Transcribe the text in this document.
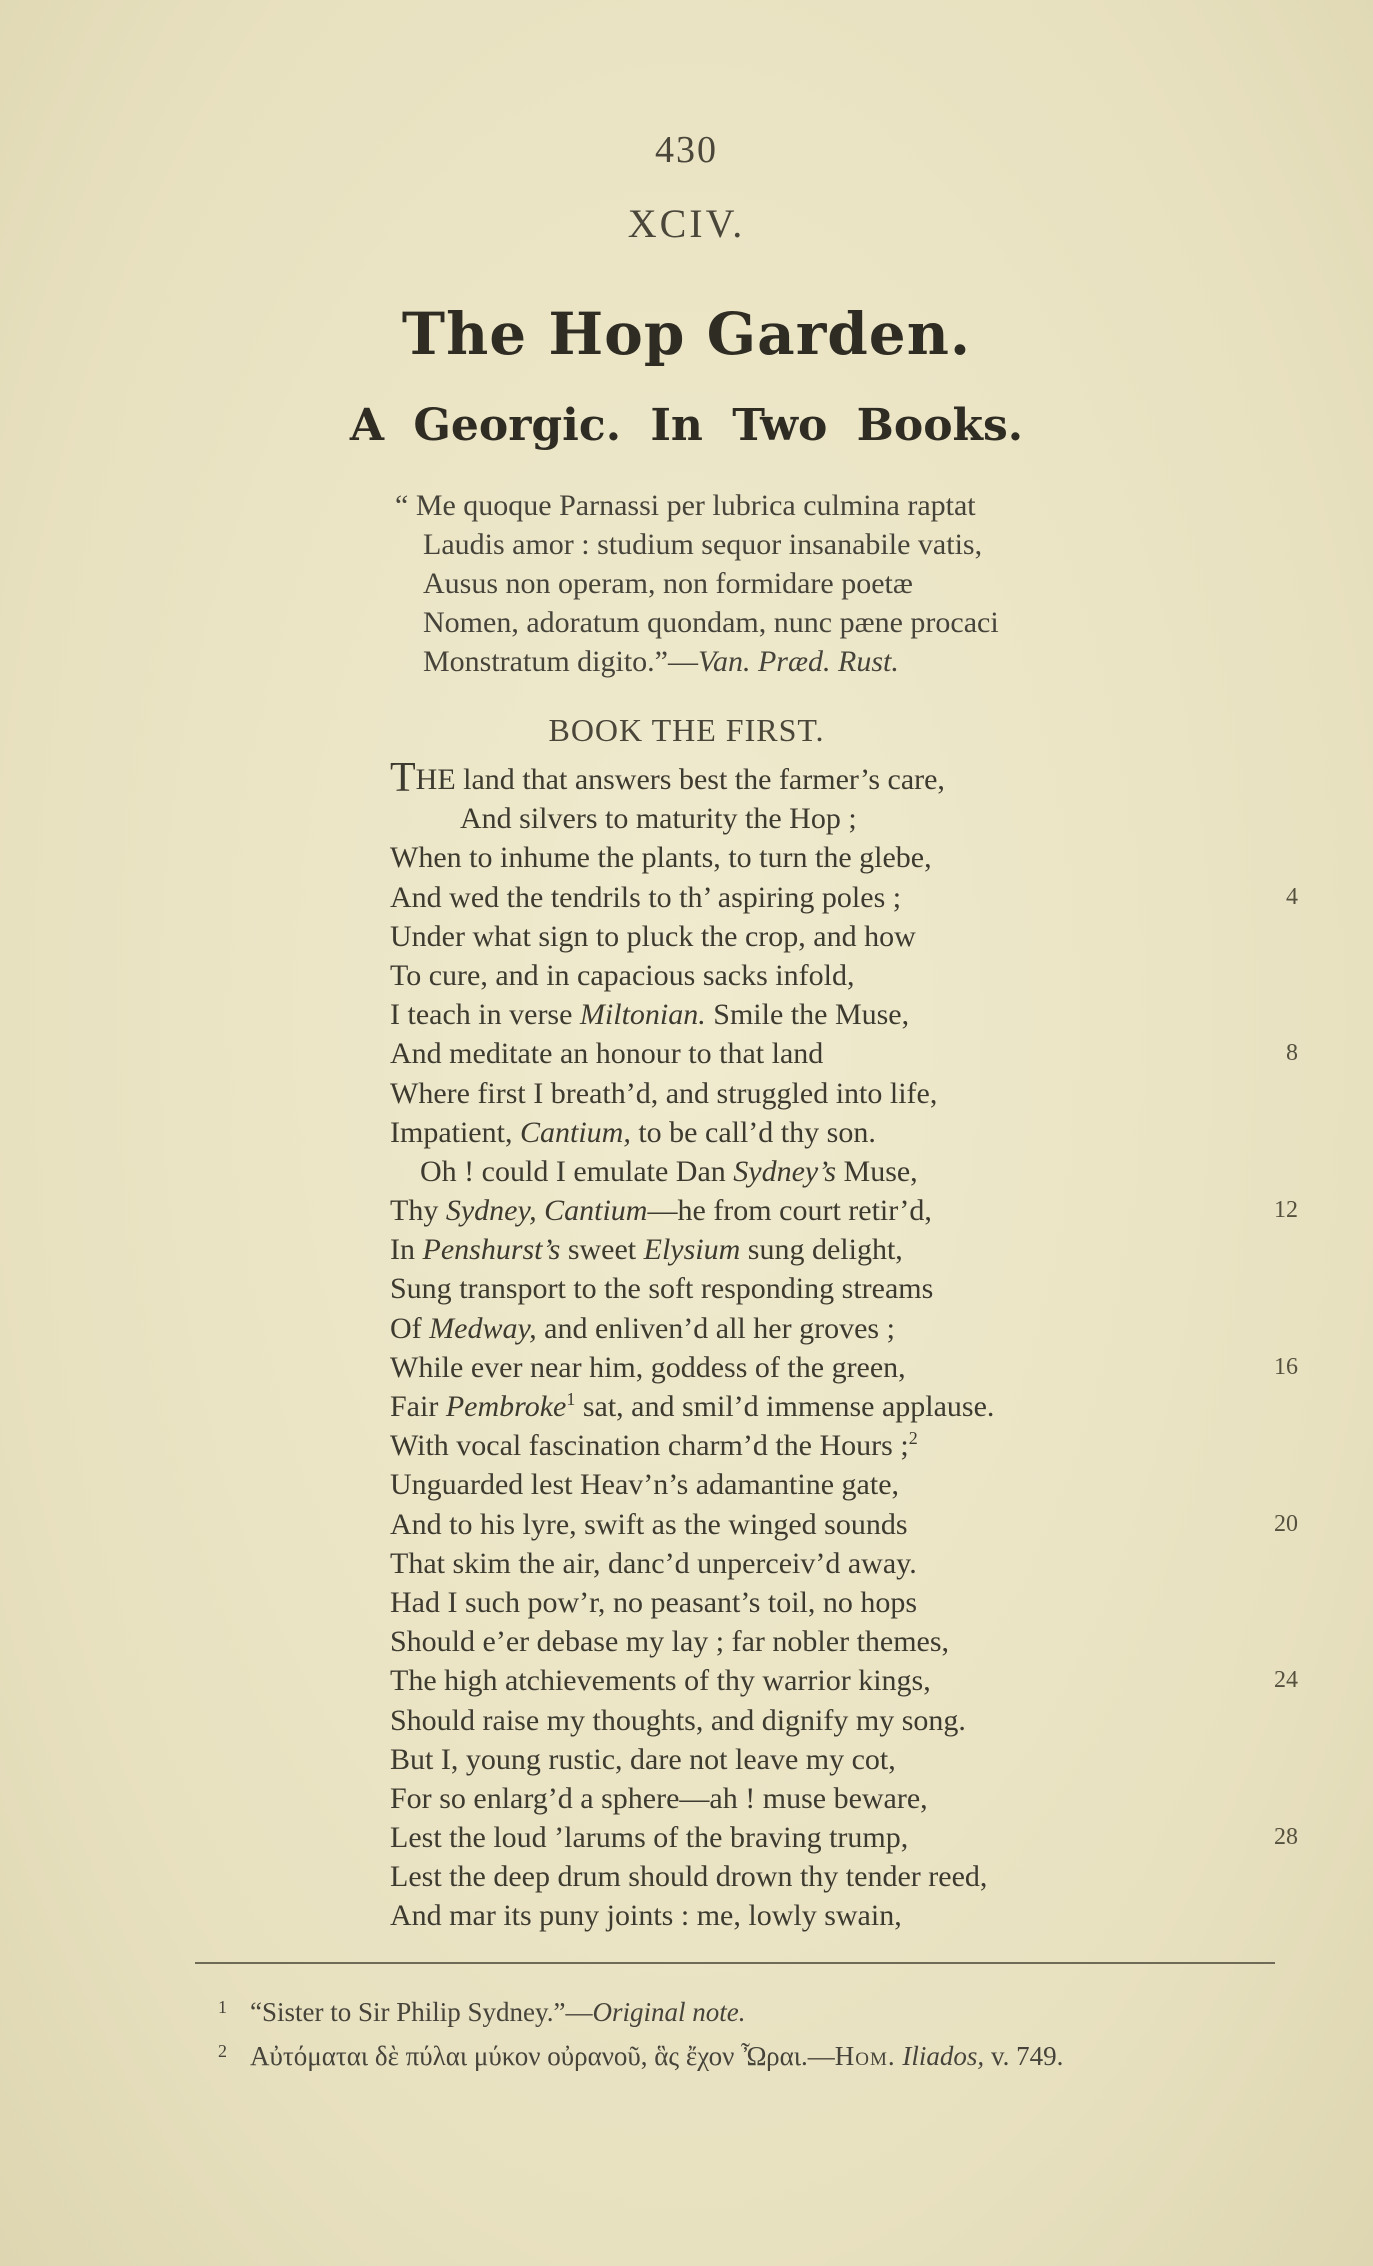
430
XCIV.
The Hop Garden.
A Georgic. In Two Books.
“ Me quoque Parnassi per lubrica culmina raptat
Laudis amor : studium sequor insanabile vatis,
Ausus non operam, non formidare poetæ
Nomen, adoratum quondam, nunc pæne procaci
Monstratum digito.”—Van. Præd. Rust.
BOOK THE FIRST.
THE land that answers best the farmer’s care,
And silvers to maturity the Hop ;
When to inhume the plants, to turn the glebe,
And wed the tendrils to th’ aspiring poles ;	4
Under what sign to pluck the crop, and how
To cure, and in capacious sacks infold,
I teach in verse Miltonian. Smile the Muse,
And meditate an honour to that land	8
Where first I breath’d, and struggled into life,
Impatient, Cantium, to be call’d thy son.
Oh ! could I emulate Dan Sydney’s Muse,
Thy Sydney, Cantium—he from court retir’d,	12
In Penshurst’s sweet Elysium sung delight,
Sung transport to the soft responding streams
Of Medway, and enliven’d all her groves ;
While ever near him, goddess of the green,	16
Fair Pembroke$^1$ sat, and smil’d immense applause.
With vocal fascination charm’d the Hours ;$^2$
Unguarded lest Heav’n’s adamantine gate,
And to his lyre, swift as the winged sounds	20
That skim the air, danc’d unperceiv’d away.
Had I such pow’r, no peasant’s toil, no hops
Should e’er debase my lay ; far nobler themes,
The high atchievements of thy warrior kings,	24
Should raise my thoughts, and dignify my song.
But I, young rustic, dare not leave my cot,
For so enlarg’d a sphere—ah ! muse beware,
Lest the loud ’larums of the braving trump,	28
Lest the deep drum should drown thy tender reed,
And mar its puny joints : me, lowly swain,
1 “Sister to Sir Philip Sydney.”—Original note.
2 Αὐτόμαται δὲ πύλαι μύκον οὐρανοῦ, ἃς ἔχον Ὦραι.—Hom. Iliados, v. 749.
